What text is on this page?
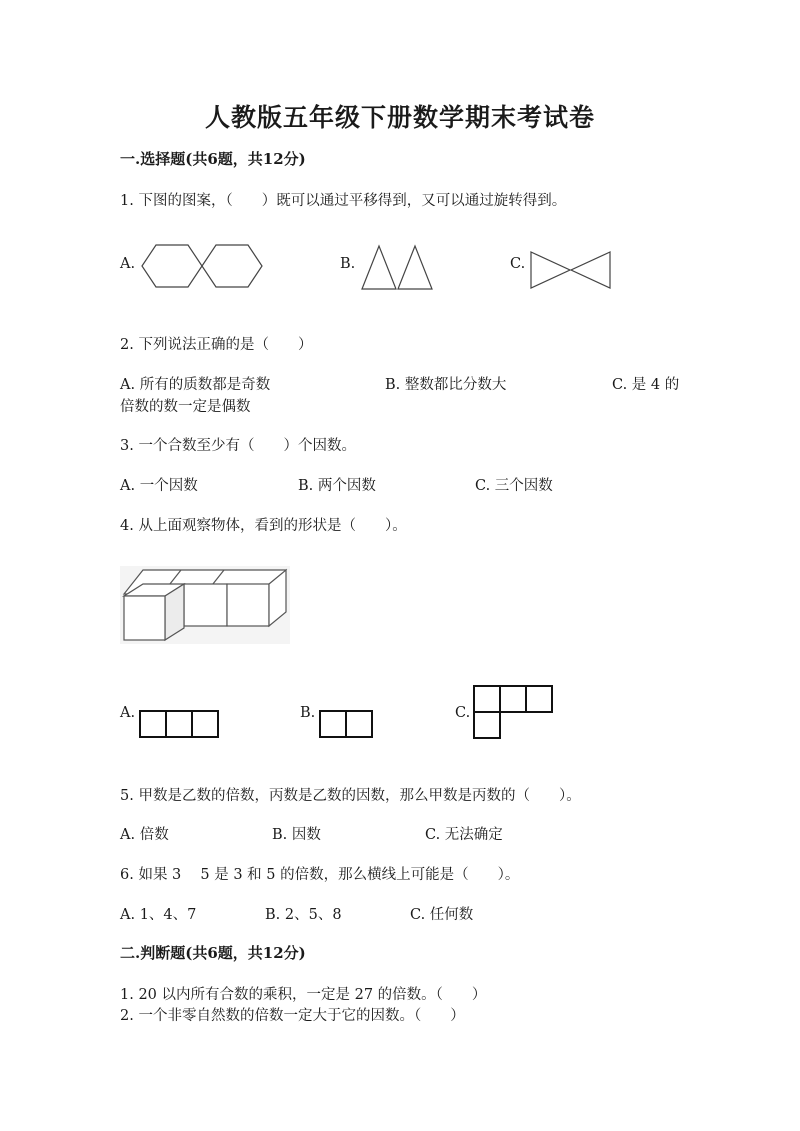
人教版五年级下册数学期末考试卷
一.选择题(共6题，共12分)
1. 下图的图案，（　　）既可以通过平移得到，又可以通过旋转得到。
A.	B.	C.
2. 下列说法正确的是（　　）
A. 所有的质数都是奇数	B. 整数都比分数大	C. 是 4 的
倍数的数一定是偶数
3. 一个合数至少有（　　）个因数。
A. 一个因数	B. 两个因数	C. 三个因数
4. 从上面观察物体，看到的形状是（　　）。
A.	B.	C.
5. 甲数是乙数的倍数，丙数是乙数的因数，那么甲数是丙数的（　　）。
A. 倍数	B. 因数	C. 无法确定
6. 如果 3　 5 是 3 和 5 的倍数，那么横线上可能是（　　）。
A. 1、4、7	B. 2、5、8	C. 任何数
二.判断题(共6题，共12分)
1. 20 以内所有合数的乘积，一定是 27 的倍数。（　　）
2. 一个非零自然数的倍数一定大于它的因数。（　　）
